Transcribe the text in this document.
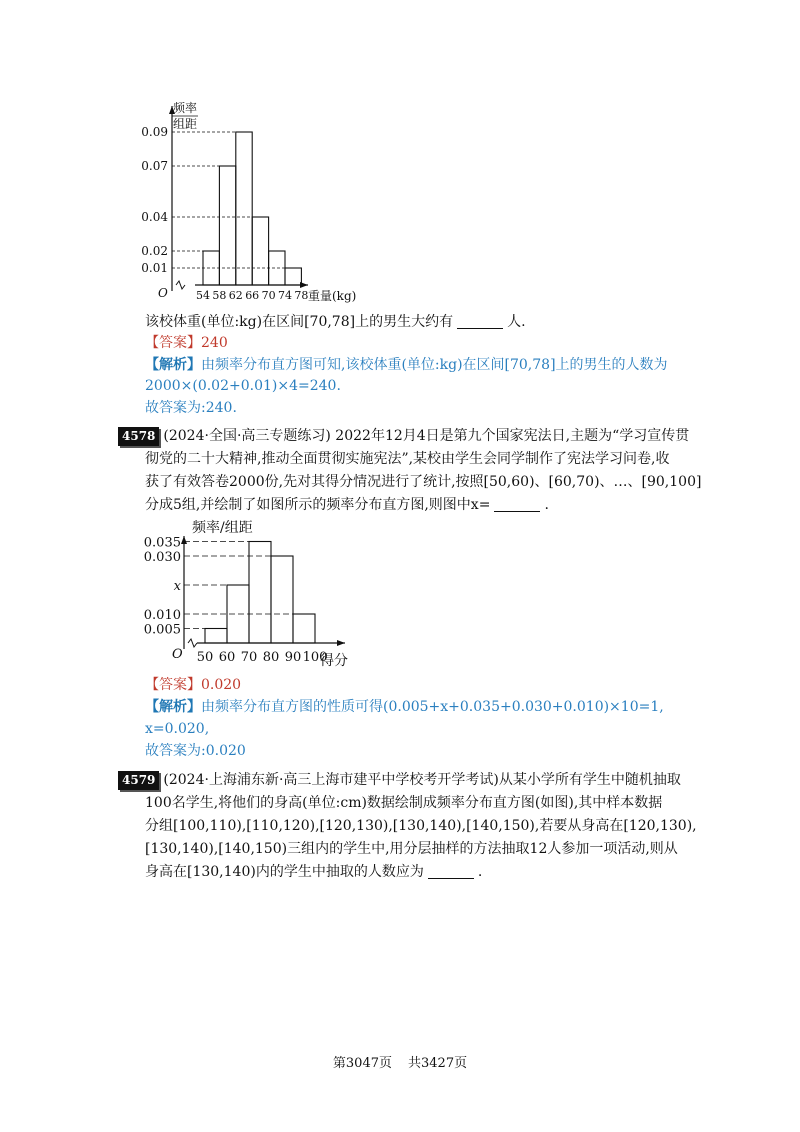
0.09
0.07
0.04
0.02
0.01
54 58 62 66 70 74 78
频率
组距
重量(kg)
O
该校体重(单位:kg)在区间[70,78]上的男生大约有	人.
【答案】240
【解析】由频率分布直方图可知,该校体重(单位:kg)在区间[70,78]上的男生的人数为
2000×(0.02+0.01)×4=240.
故答案为:240.
4578 (2024·全国·高三专题练习) 2022年12月4日是第九个国家宪法日,主题为“学习宣传贯
彻党的二十大精神,推动全面贯彻实施宪法”,某校由学生会同学制作了宪法学习问卷,收
获了有效答卷2000份,先对其得分情况进行了统计,按照[50,60)、[60,70)、…、[90,100]
分成5组,并绘制了如图所示的频率分布直方图,则图中x=	.
0.035
0.030
x
0.010
0.005
50 60 70 80 90 100
频率/组距
得分
O
【答案】0.020
【解析】由频率分布直方图的性质可得(0.005+x+0.035+0.030+0.010)×10=1,
x=0.020,
故答案为:0.020
4579 (2024·上海浦东新·高三上海市建平中学校考开学考试)从某小学所有学生中随机抽取
100名学生,将他们的身高(单位:cm)数据绘制成频率分布直方图(如图),其中样本数据
分组[100,110),[110,120),[120,130),[130,140),[140,150),若要从身高在[120,130),
[130,140),[140,150)三组内的学生中,用分层抽样的方法抽取12人参加一项活动,则从
身高在[130,140)内的学生中抽取的人数应为	.
第3047页 共3427页
